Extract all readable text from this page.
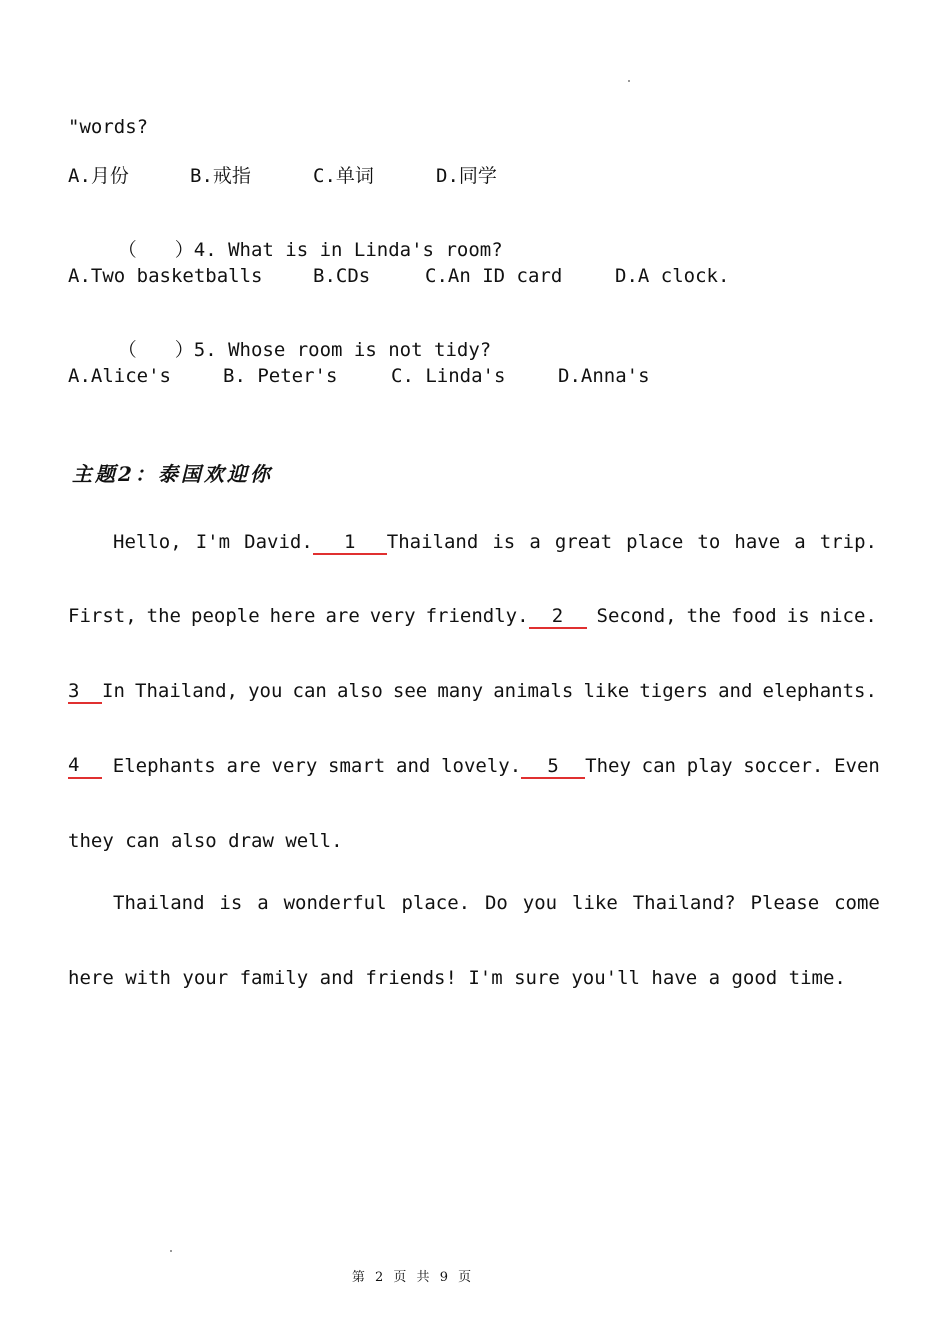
"words?

A.月份

	B.戒指

	C.单词

	D.同学

（　　）4. What is in Linda's room?

A.Two basketballs

	B.CDs

	C.An ID card

	D.A clock.

（　　）5. Whose room is not tidy?

A.Alice's

	B. Peter's

	C. Linda's

	D.Anna's

主题2：泰国欢迎你
Hello, I'm David. 1 Thailand is a great place to have a trip.
First, the people here are very friendly. 2	Second, the food is nice.
3 In Thailand, you can also see many animals like tigers and elephants.
4	Elephants are very smart and lovely. 5 They can play soccer. Even
they can also draw well.
Thailand is a wonderful place. Do you like Thailand? Please come
here with your family and friends! I'm sure you'll have a good time.
第 2 页 共 9 页
